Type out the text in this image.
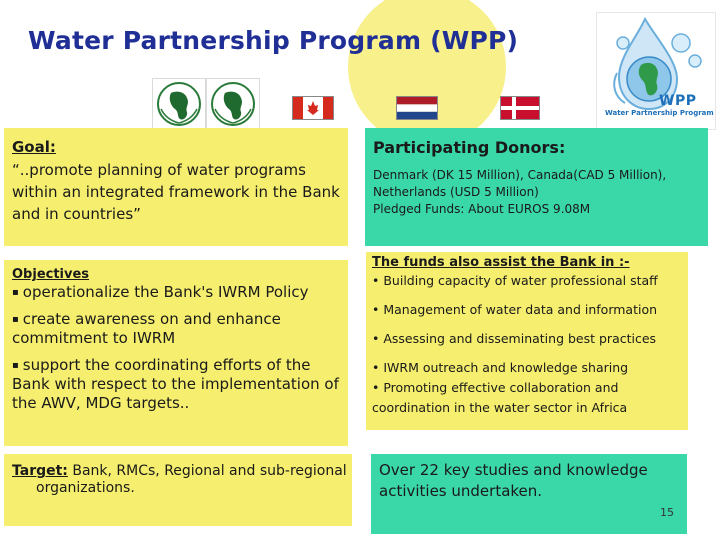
Water Partnership Program (WPP)
WPP
Water Partnership Program
Goal:
“..promote planning of water programs within an integrated framework in the Bank and in countries”
Objectives
▪ operationalize the Bank's IWRM Policy
▪ create awareness on and enhance commitment to IWRM
▪ support the coordinating efforts of the Bank with respect to the implementation of the AWV, MDG targets..
Target: Bank, RMCs, Regional and sub-regional
organizations.
Participating Donors:
Denmark (DK 15 Million), Canada(CAD 5 Million),
Netherlands (USD 5 Million)
Pledged Funds: About EUROS 9.08M
The funds also assist the Bank in :-
• Building capacity of water professional staff
• Management of water data and information
• Assessing and disseminating best practices
• IWRM outreach and knowledge sharing
• Promoting effective collaboration and
coordination in the water sector in Africa
Over 22 key studies and knowledge activities undertaken.
15
